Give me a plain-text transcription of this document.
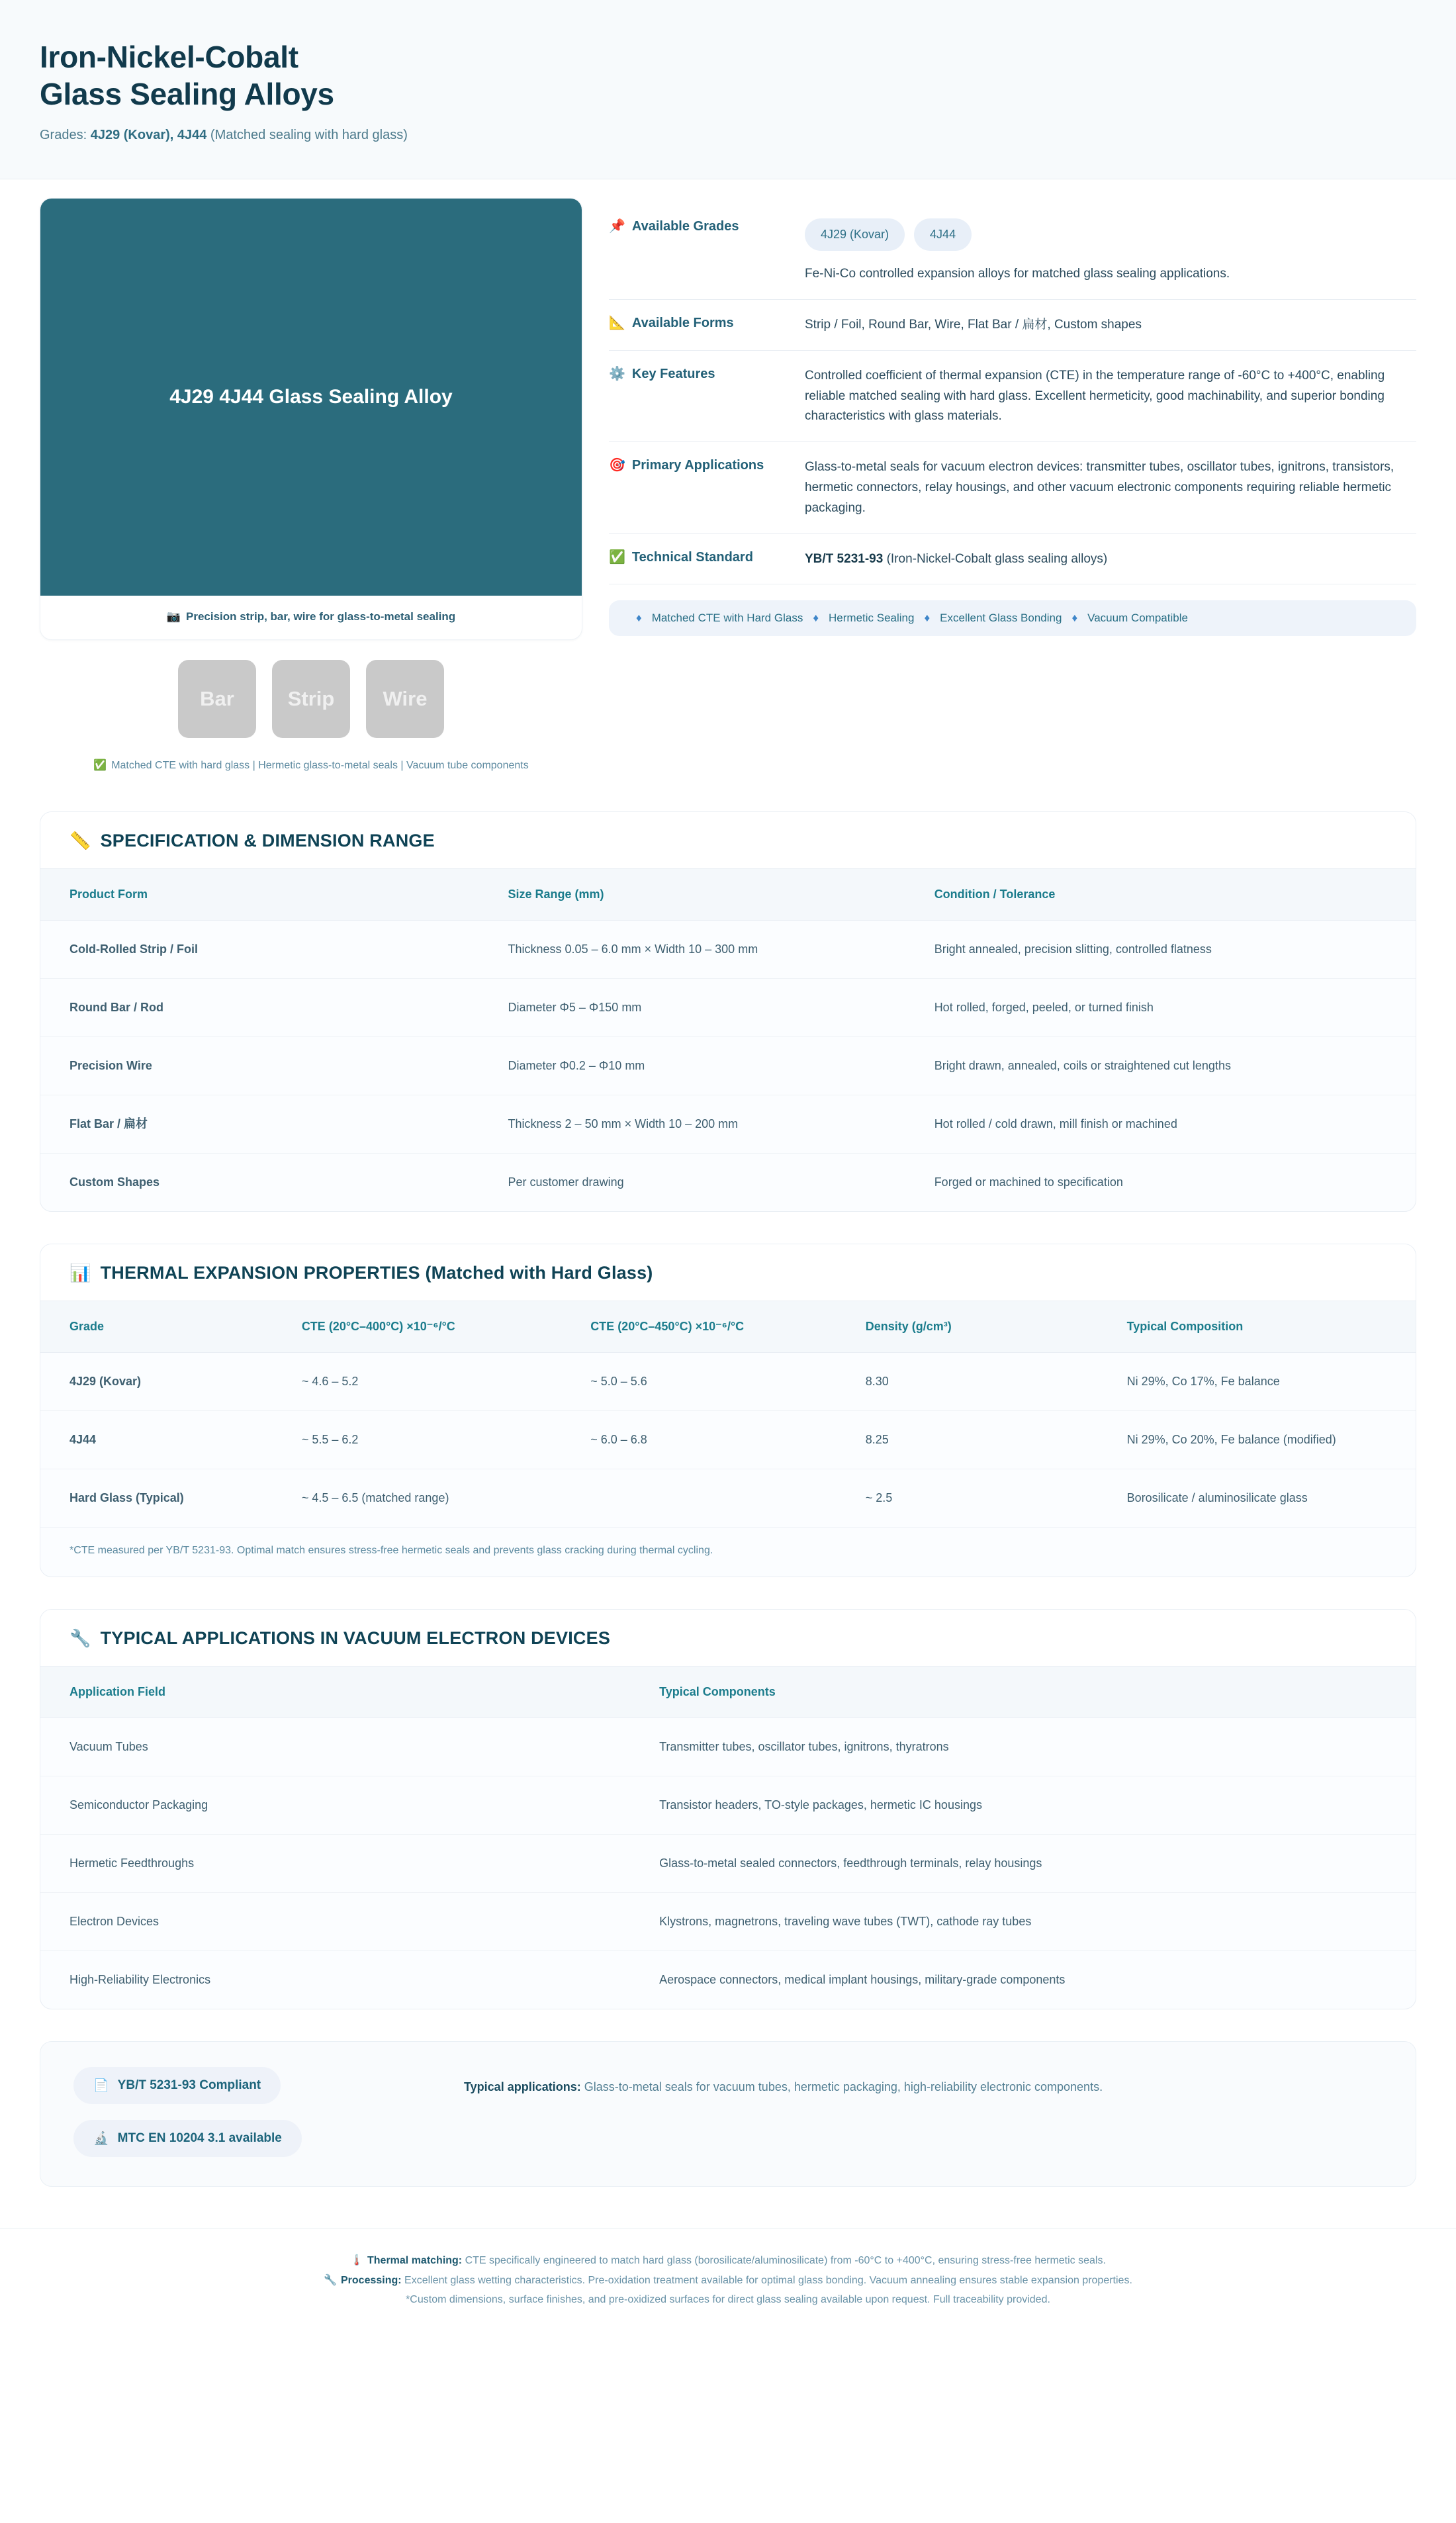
Iron-Nickel-Cobalt
Glass Sealing Alloys
Grades: 4J29 (Kovar), 4J44 (Matched sealing with hard glass)
4J29 4J44 Glass Sealing Alloy
📷 Precision strip, bar, wire for glass-to-metal sealing
Bar	Strip	Wire
✅ Matched CTE with hard glass | Hermetic glass-to-metal seals | Vacuum tube components
📌 Available Grades
4J29 (Kovar)	4J44
Fe-Ni-Co controlled expansion alloys for matched glass sealing applications.
📐 Available Forms	Strip / Foil, Round Bar, Wire, Flat Bar / 扁材, Custom shapes
⚙️ Key Features	Controlled coefficient of thermal expansion (CTE) in the temperature range of -60°C to +400°C, enabling reliable matched sealing with hard glass. Excellent hermeticity, good machinability, and superior bonding characteristics with glass materials.
🎯 Primary Applications	Glass-to-metal seals for vacuum electron devices: transmitter tubes, oscillator tubes, ignitrons, transistors, hermetic connectors, relay housings, and other vacuum electronic components requiring reliable hermetic packaging.
✅ Technical Standard	YB/T 5231-93 (Iron-Nickel-Cobalt glass sealing alloys)
♦ Matched CTE with Hard Glass ♦ Hermetic Sealing ♦ Excellent Glass Bonding ♦ Vacuum Compatible
📏 SPECIFICATION & DIMENSION RANGE
Product Form	Size Range (mm)	Condition / Tolerance
Cold-Rolled Strip / Foil	Thickness 0.05 – 6.0 mm × Width 10 – 300 mm	Bright annealed, precision slitting, controlled flatness
Round Bar / Rod	Diameter Φ5 – Φ150 mm	Hot rolled, forged, peeled, or turned finish
Precision Wire	Diameter Φ0.2 – Φ10 mm	Bright drawn, annealed, coils or straightened cut lengths
Flat Bar / 扁材	Thickness 2 – 50 mm × Width 10 – 200 mm	Hot rolled / cold drawn, mill finish or machined
Custom Shapes	Per customer drawing	Forged or machined to specification
📊 THERMAL EXPANSION PROPERTIES (Matched with Hard Glass)
Grade	CTE (20°C–400°C) ×10⁻⁶/°C	CTE (20°C–450°C) ×10⁻⁶/°C	Density (g/cm³)	Typical Composition
4J29 (Kovar)	~ 4.6 – 5.2	~ 5.0 – 5.6	8.30	Ni 29%, Co 17%, Fe balance
4J44	~ 5.5 – 6.2	~ 6.0 – 6.8	8.25	Ni 29%, Co 20%, Fe balance (modified)
Hard Glass (Typical)	~ 4.5 – 6.5 (matched range)		~ 2.5	Borosilicate / aluminosilicate glass
*CTE measured per YB/T 5231-93. Optimal match ensures stress-free hermetic seals and prevents glass cracking during thermal cycling.
🔧 TYPICAL APPLICATIONS IN VACUUM ELECTRON DEVICES
Application Field	Typical Components
Vacuum Tubes	Transmitter tubes, oscillator tubes, ignitrons, thyratrons
Semiconductor Packaging	Transistor headers, TO-style packages, hermetic IC housings
Hermetic Feedthroughs	Glass-to-metal sealed connectors, feedthrough terminals, relay housings
Electron Devices	Klystrons, magnetrons, traveling wave tubes (TWT), cathode ray tubes
High-Reliability Electronics	Aerospace connectors, medical implant housings, military-grade components
📄 YB/T 5231-93 Compliant
🔬 MTC EN 10204 3.1 available
Typical applications: Glass-to-metal seals for vacuum tubes, hermetic packaging, high-reliability electronic components.

🌡️ Thermal matching: CTE specifically engineered to match hard glass (borosilicate/aluminosilicate) from -60°C to +400°C, ensuring stress-free hermetic seals.

🔧 Processing: Excellent glass wetting characteristics. Pre-oxidation treatment available for optimal glass bonding. Vacuum annealing ensures stable expansion properties.

*Custom dimensions, surface finishes, and pre-oxidized surfaces for direct glass sealing available upon request. Full traceability provided.
